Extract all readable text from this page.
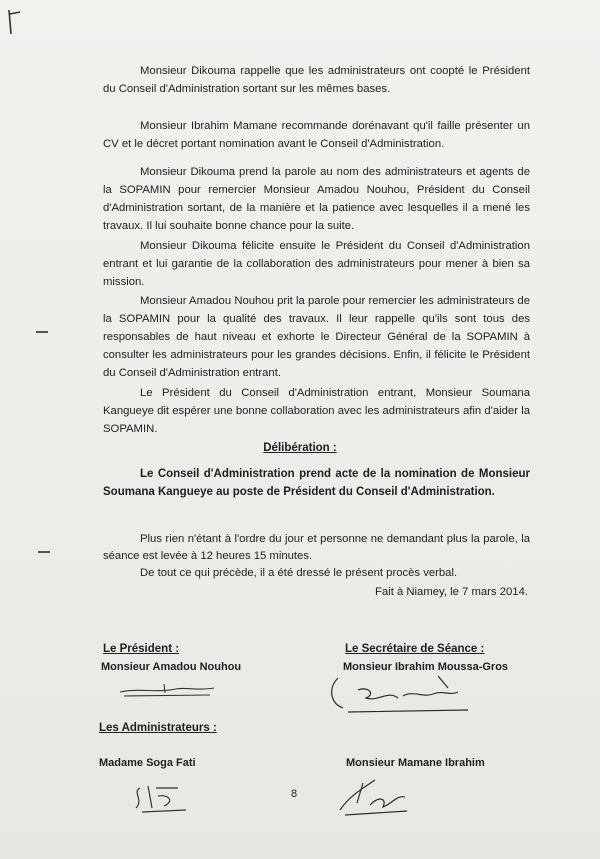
Monsieur Dikouma rappelle que les administrateurs ont coopté le Président du Conseil d'Administration sortant sur les mêmes bases.

Monsieur Ibrahim Mamane recommande dorénavant qu'il faille présenter un CV et le décret portant nomination avant le Conseil d'Administration.

Monsieur Dikouma prend la parole au nom des administrateurs et agents de la SOPAMIN pour remercier Monsieur Amadou Nouhou, Président du Conseil d'Administration sortant, de la manière et la patience avec lesquelles il a mené les travaux. Il lui souhaite bonne chance pour la suite.

Monsieur Dikouma félicite ensuite le Président du Conseil d'Administration entrant et lui garantie de la collaboration des administrateurs pour mener à bien sa mission.

Monsieur Amadou Nouhou prit la parole pour remercier les administrateurs de la SOPAMIN pour la qualité des travaux. Il leur rappelle qu'ils sont tous des responsables de haut niveau et exhorte le Directeur Général de la SOPAMIN à consulter les administrateurs pour les grandes décisions. Enfin, il félicite le Président du Conseil d'Administration entrant.

Le Président du Conseil d'Administration entrant, Monsieur Soumana Kangueye dit espérer une bonne collaboration avec les administrateurs afin d'aider la SOPAMIN.

Délibération :

Le Conseil d'Administration prend acte de la nomination de Monsieur Soumana Kangueye au poste de Président du Conseil d'Administration.

Plus rien n'étant à l'ordre du jour et personne ne demandant plus la parole, la séance est levée à 12 heures 15 minutes.

De tout ce qui précède, il a été dressé le présent procès verbal.

Fait à Niamey, le 7 mars 2014.

Le Président :

Monsieur Amadou Nouhou

Le Secrétaire de Séance :

Monsieur Ibrahim Moussa-Gros

Les Administrateurs :

Madame Soga Fati	Monsieur Mamane Ibrahim

8
